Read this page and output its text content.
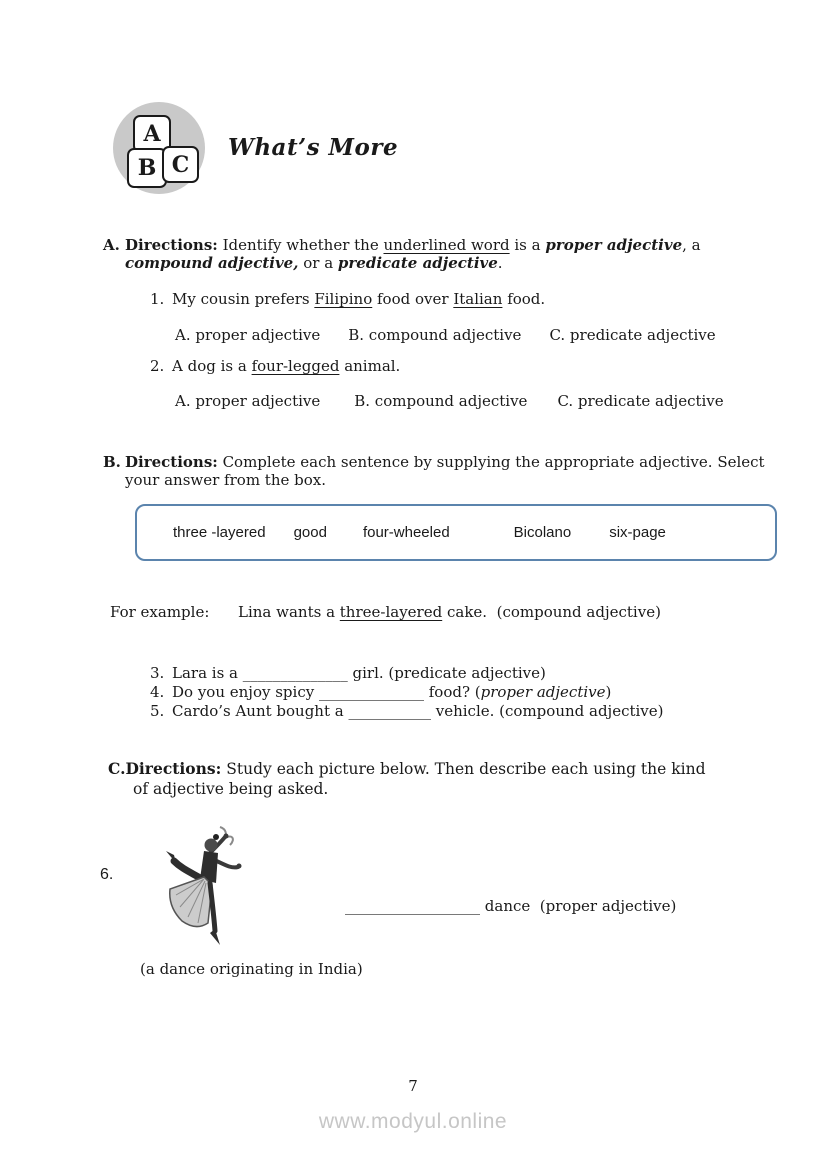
A
B C
What’s More
A. Directions: Identify whether the underlined word is a proper adjective, a
compound adjective, or a predicate adjective.
1. My cousin prefers Filipino food over Italian food.
A. proper adjective B. compound adjective C. predicate adjective
2. A dog is a four-legged animal.
A. proper adjective B. compound adjective C. predicate adjective
B. Directions: Complete each sentence by supplying the appropriate adjective. Select
your answer from the box.
three -layered good four-wheeled	Bicolano	six-page
For example: Lina wants a three-layered cake.  (compound adjective)
3. Lara is a ______________ girl. (predicate adjective)
4. Do you enjoy spicy ______________ food? (proper adjective)
5. Cardo’s Aunt bought a ___________ vehicle. (compound adjective)
C.Directions: Study each picture below. Then describe each using the kind
of adjective being asked.
6.
__________________ dance  (proper adjective)
(a dance originating in India)
7
www.modyul.online
